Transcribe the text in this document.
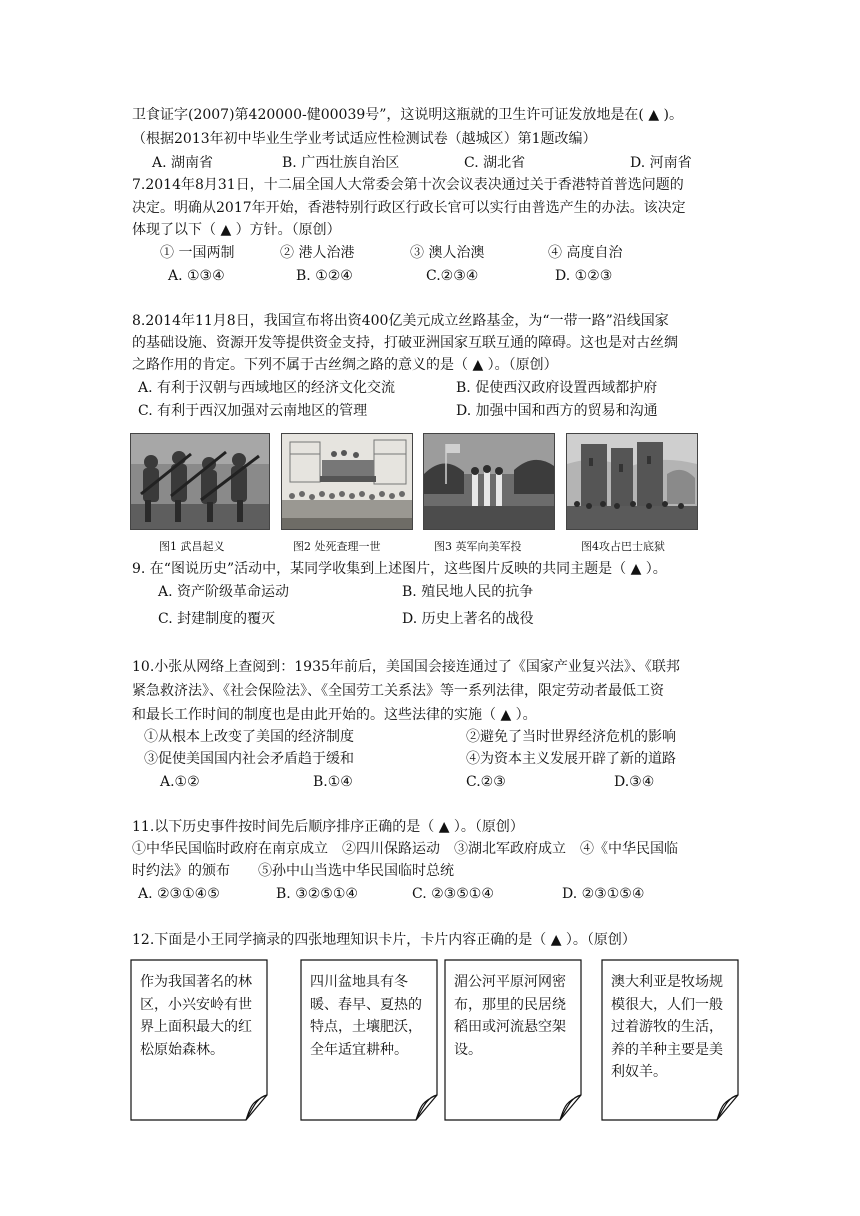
卫食证字(2007)第420000-健00039号”，这说明这瓶就的卫生许可证发放地是在( ▲ )。
（根据2013年初中毕业生学业考试适应性检测试卷（越城区）第1题改编）
A. 湖南省	B. 广西壮族自治区	C. 湖北省	D. 河南省
7.2014年8月31日，十二届全国人大常委会第十次会议表决通过关于香港特首普选问题的
决定。明确从2017年开始，香港特别行政区行政长官可以实行由普选产生的办法。该决定
体现了以下（ ▲ ）方针。（原创）
① 一国两制	② 港人治港	③ 澳人治澳	④ 高度自治
A. ①③④	B. ①②④	C.②③④	D. ①②③
8.2014年11月8日，我国宣布将出资400亿美元成立丝路基金，为“一带一路”沿线国家
的基础设施、资源开发等提供资金支持，打破亚洲国家互联互通的障碍。这也是对古丝绸
之路作用的肯定。下列不属于古丝绸之路的意义的是（ ▲ ）。（原创）
A. 有利于汉朝与西域地区的经济文化交流	B. 促使西汉政府设置西域都护府
C. 有利于西汉加强对云南地区的管理	D. 加强中国和西方的贸易和沟通
图1 武昌起义	图2 处死查理一世	图3 英军向美军投	图4攻占巴士底狱
9. 在“图说历史”活动中，某同学收集到上述图片，这些图片反映的共同主题是（ ▲ ）。
A. 资产阶级革命运动	B. 殖民地人民的抗争
C. 封建制度的覆灭	D. 历史上著名的战役
10.小张从网络上查阅到：1935年前后，美国国会接连通过了《国家产业复兴法》、《联邦
紧急救济法》、《社会保险法》、《全国劳工关系法》等一系列法律，限定劳动者最低工资
和最长工作时间的制度也是由此开始的。这些法律的实施（ ▲ ）。
①从根本上改变了美国的经济制度	②避免了当时世界经济危机的影响
③促使美国国内社会矛盾趋于缓和	④为资本主义发展开辟了新的道路
A.①②	B.①④	C.②③	D.③④
11.以下历史事件按时间先后顺序排序正确的是（ ▲ ）。（原创）
①中华民国临时政府在南京成立　②四川保路运动　③湖北军政府成立　④《中华民国临
时约法》的颁布　　⑤孙中山当选中华民国临时总统
A. ②③①④⑤	B. ③②⑤①④	C. ②③⑤①④	D. ②③①⑤④
12.下面是小王同学摘录的四张地理知识卡片，卡片内容正确的是（ ▲ ）。（原创）
作为我国著名的林区，小兴安岭有世界上面积最大的红松原始森林。
四川盆地具有冬暖、春早、夏热的特点，土壤肥沃，全年适宜耕种。
湄公河平原河网密布，那里的民居绕稻田或河流悬空架设。
澳大利亚是牧场规模很大，人们一般过着游牧的生活，养的羊种主要是美利奴羊。
